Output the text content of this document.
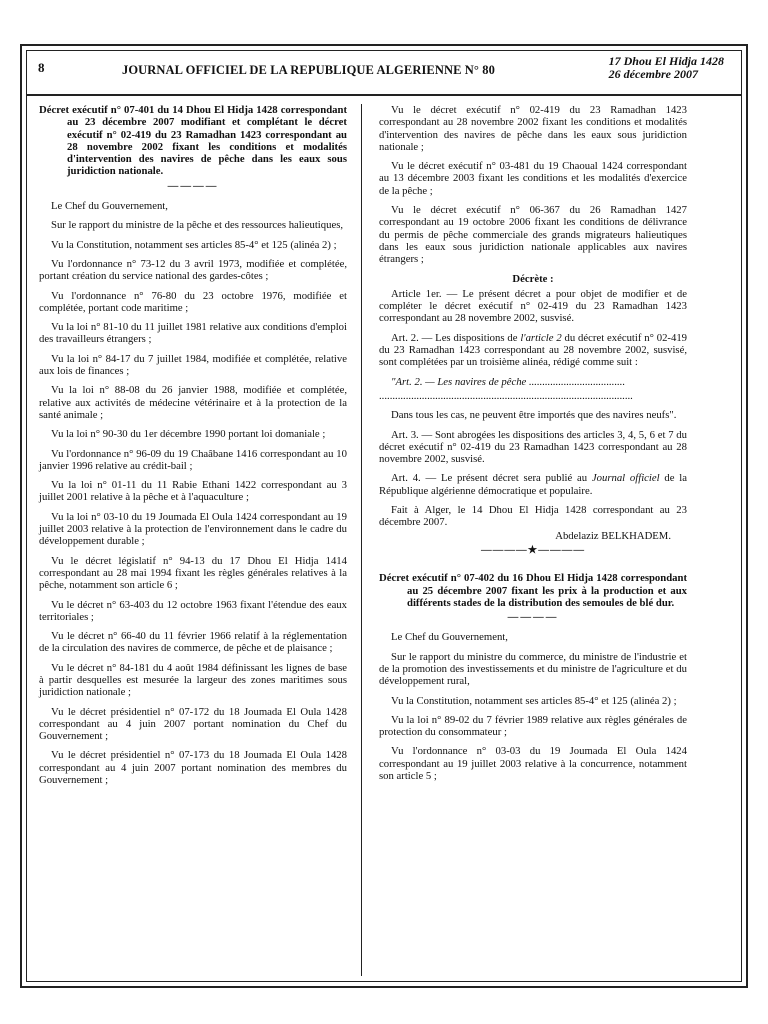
8	JOURNAL OFFICIEL DE LA REPUBLIQUE ALGERIENNE N° 80
17 Dhou El Hidja 1428
26 décembre 2007

Décret exécutif n° 07-401 du 14 Dhou El Hidja 1428 correspondant au 23 décembre 2007 modifiant et complétant le décret exécutif n° 02-419 du 23 Ramadhan 1423 correspondant au 28 novembre 2002 fixant les conditions et modalités d'intervention des navires de pêche dans les eaux sous juridiction nationale.

————

Le Chef du Gouvernement,

Sur le rapport du ministre de la pêche et des ressources halieutiques,

Vu la Constitution, notamment ses articles 85-4° et 125 (alinéa 2) ;

Vu l'ordonnance n° 73-12 du 3 avril 1973, modifiée et complétée, portant création du service national des gardes-côtes ;

Vu l'ordonnance n° 76-80 du 23 octobre 1976, modifiée et complétée, portant code maritime ;

Vu la loi n° 81-10 du 11 juillet 1981 relative aux conditions d'emploi des travailleurs étrangers ;

Vu la loi n° 84-17 du 7 juillet 1984, modifiée et complétée, relative aux lois de finances ;

Vu la loi n° 88-08 du 26 janvier 1988, modifiée et complétée, relative aux activités de médecine vétérinaire et à la protection de la santé animale ;

Vu la loi n° 90-30 du 1er décembre 1990 portant loi domaniale ;

Vu l'ordonnance n° 96-09 du 19 Chaâbane 1416 correspondant au 10 janvier 1996 relative au crédit-bail ;

Vu la loi n° 01-11 du 11 Rabie Ethani 1422 correspondant au 3 juillet 2001 relative à la pêche et à l'aquaculture ;

Vu la loi n° 03-10 du 19 Joumada El Oula 1424 correspondant au 19 juillet 2003 relative à la protection de l'environnement dans le cadre du développement durable ;

Vu le décret législatif n° 94-13 du 17 Dhou El Hidja 1414 correspondant au 28 mai 1994 fixant les règles générales relatives à la pêche, notamment son article 6 ;

Vu le décret n° 63-403 du 12 octobre 1963 fixant l'étendue des eaux territoriales ;

Vu le décret n° 66-40 du 11 février 1966 relatif à la réglementation de la circulation des navires de commerce, de pêche et de plaisance ;

Vu le décret n° 84-181 du 4 août 1984 définissant les lignes de base à partir desquelles est mesurée la largeur des zones maritimes sous juridiction nationale ;

Vu le décret présidentiel n° 07-172 du 18 Joumada El Oula 1428 correspondant au 4 juin 2007 portant nomination du Chef du Gouvernement ;

Vu le décret présidentiel n° 07-173 du 18 Joumada El Oula 1428 correspondant au 4 juin 2007 portant nomination des membres du Gouvernement ;

Vu le décret exécutif n° 02-419 du 23 Ramadhan 1423 correspondant au 28 novembre 2002 fixant les conditions et modalités d'intervention des navires de pêche dans les eaux sous juridiction nationale ;

Vu le décret exécutif n° 03-481 du 19 Chaoual 1424 correspondant au 13 décembre 2003 fixant les conditions et les modalités d'exercice de la pêche ;

Vu le décret exécutif n° 06-367 du 26 Ramadhan 1427 correspondant au 19 octobre 2006 fixant les conditions de délivrance du permis de pêche commerciale des grands migrateurs halieutiques dans les eaux sous juridiction nationale applicables aux navires étrangers ;

Décrète :

Article 1er. — Le présent décret a pour objet de modifier et de compléter le décret exécutif n° 02-419 du 23 Ramadhan 1423 correspondant au 28 novembre 2002, susvisé.

Art. 2. — Les dispositions de l'article 2 du décret exécutif n° 02-419 du 23 Ramadhan 1423 correspondant au 28 novembre 2002, susvisé, sont complétées par un troisième alinéa, rédigé comme suit :

"Art. 2. — Les navires de pêche ....................................

...............................................................................................

Dans tous les cas, ne peuvent être importés que des navires neufs".

Art. 3. — Sont abrogées les dispositions des articles 3, 4, 5, 6 et 7 du décret exécutif n° 02-419 du 23 Ramadhan 1423 correspondant au 28 novembre 2002, susvisé.

Art. 4. — Le présent décret sera publié au Journal officiel de la République algérienne démocratique et populaire.

Fait à Alger, le 14 Dhou El Hidja 1428 correspondant au 23 décembre 2007.

Abdelaziz BELKHADEM.

————★————

Décret exécutif n° 07-402 du 16 Dhou El Hidja 1428 correspondant au 25 décembre 2007 fixant les prix à la production et aux différents stades de la distribution des semoules de blé dur.

————

Le Chef du Gouvernement,

Sur le rapport du ministre du commerce, du ministre de l'industrie et de la promotion des investissements et du ministre de l'agriculture et du développement rural,

Vu la Constitution, notamment ses articles 85-4° et 125 (alinéa 2) ;

Vu la loi n° 89-02 du 7 février 1989 relative aux règles générales de protection du consommateur ;

Vu l'ordonnance n° 03-03 du 19 Joumada El Oula 1424 correspondant au 19 juillet 2003 relative à la concurrence, notamment son article 5 ;
